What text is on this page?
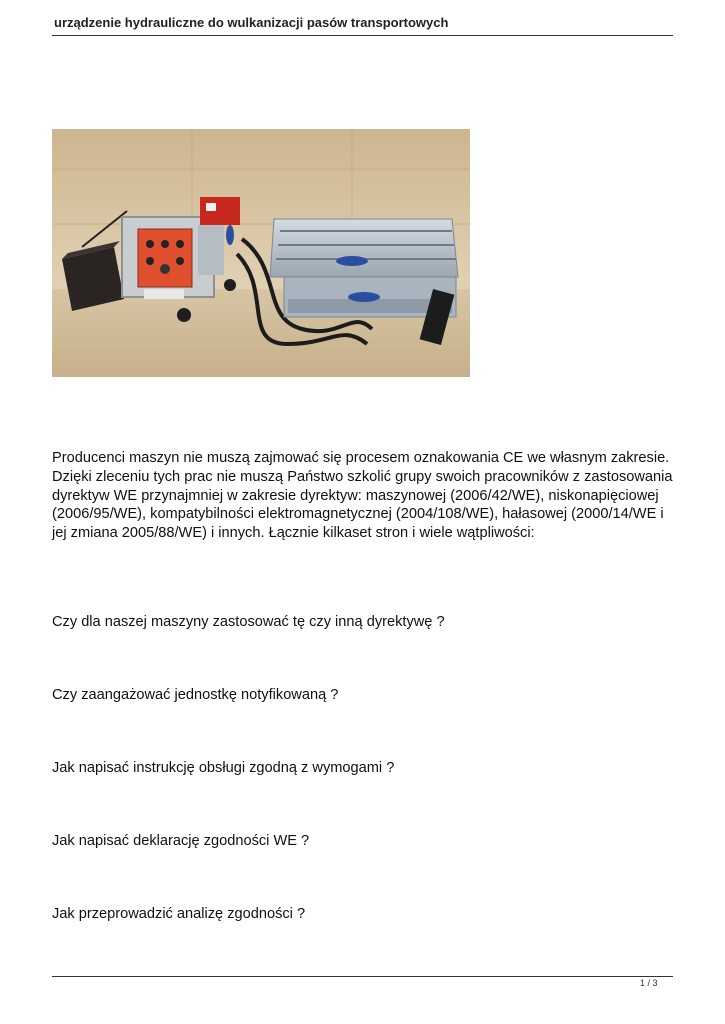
urządzenie hydrauliczne do wulkanizacji pasów transportowych
Producenci maszyn nie muszą zajmować się procesem oznakowania CE we własnym zakresie. Dzięki zleceniu tych prac nie muszą Państwo szkolić grupy swoich pracowników z zastosowania dyrektyw WE przynajmniej w zakresie dyrektyw: maszynowej (2006/42/WE), niskonapięciowej (2006/95/WE), kompatybilności elektromagnetycznej (2004/108/WE), hałasowej (2000/14/WE i jej zmiana 2005/88/WE) i innych. Łącznie kilkaset stron i wiele wątpliwości:
Czy dla naszej maszyny zastosować tę czy inną dyrektywę ?
Czy zaangażować jednostkę notyfikowaną ?
Jak napisać instrukcję obsługi zgodną z wymogami ?
Jak napisać deklarację zgodności WE ?
Jak przeprowadzić analizę zgodności ?
1 / 3
